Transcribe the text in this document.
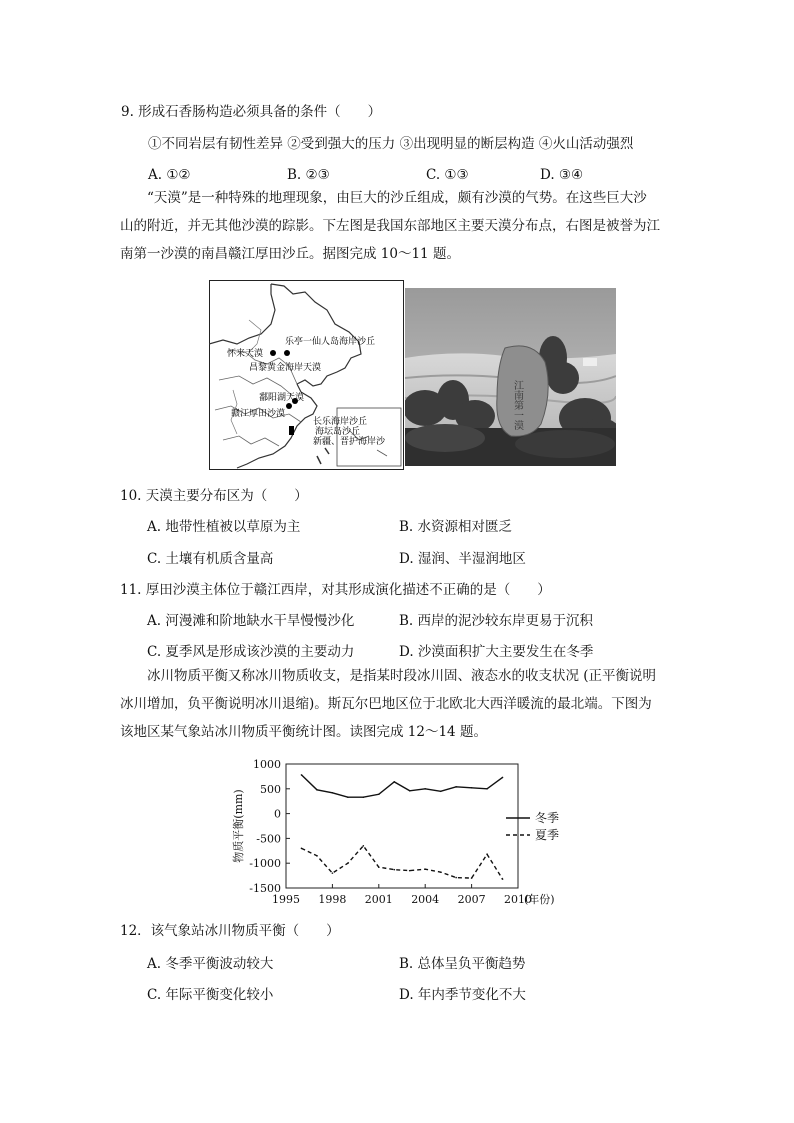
9. 形成石香肠构造必须具备的条件（　　）
①不同岩层有韧性差异 ②受到强大的压力 ③出现明显的断层构造 ④火山活动强烈
A. ①②	B. ②③	C. ①③	D. ③④
“天漠”是一种特殊的地理现象，由巨大的沙丘组成，颇有沙漠的气势。在这些巨大沙
山的附近，并无其他沙漠的踪影。下左图是我国东部地区主要天漠分布点，右图是被誉为江
南第一沙漠的南昌赣江厚田沙丘。据图完成 10～11 题。
怀来天漠
乐亭一仙人岛海岸沙丘
昌黎黄金海岸天漠
鄱阳湖天漠
赣江厚田沙漠
长乐海岸沙丘
海坛岛沙丘
新疆、晋护海岸沙
江南第一漠
10. 天漠主要分布区为（　　）
A. 地带性植被以草原为主	B. 水资源相对匮乏
C. 土壤有机质含量高	D. 湿润、半湿润地区
11. 厚田沙漠主体位于赣江西岸，对其形成演化描述不正确的是（　　）
A. 河漫滩和阶地缺水干旱慢慢沙化	B. 西岸的泥沙较东岸更易于沉积
C. 夏季风是形成该沙漠的主要动力	D. 沙漠面积扩大主要发生在冬季
冰川物质平衡又称冰川物质收支，是指某时段冰川固、液态水的收支状况 (正平衡说明
冰川增加，负平衡说明冰川退缩)。斯瓦尔巴地区位于北欧北大西洋暖流的最北端。下图为
该地区某气象站冰川物质平衡统计图。读图完成 12～14 题。
1000
500
0
-500
-1000
-1500
1995 1998 2001 2004 2007 2010
(年份)
物质平衡(mm)	冬季
夏季
12．该气象站冰川物质平衡（　　）
A. 冬季平衡波动较大	B. 总体呈负平衡趋势
C. 年际平衡变化较小	D. 年内季节变化不大
